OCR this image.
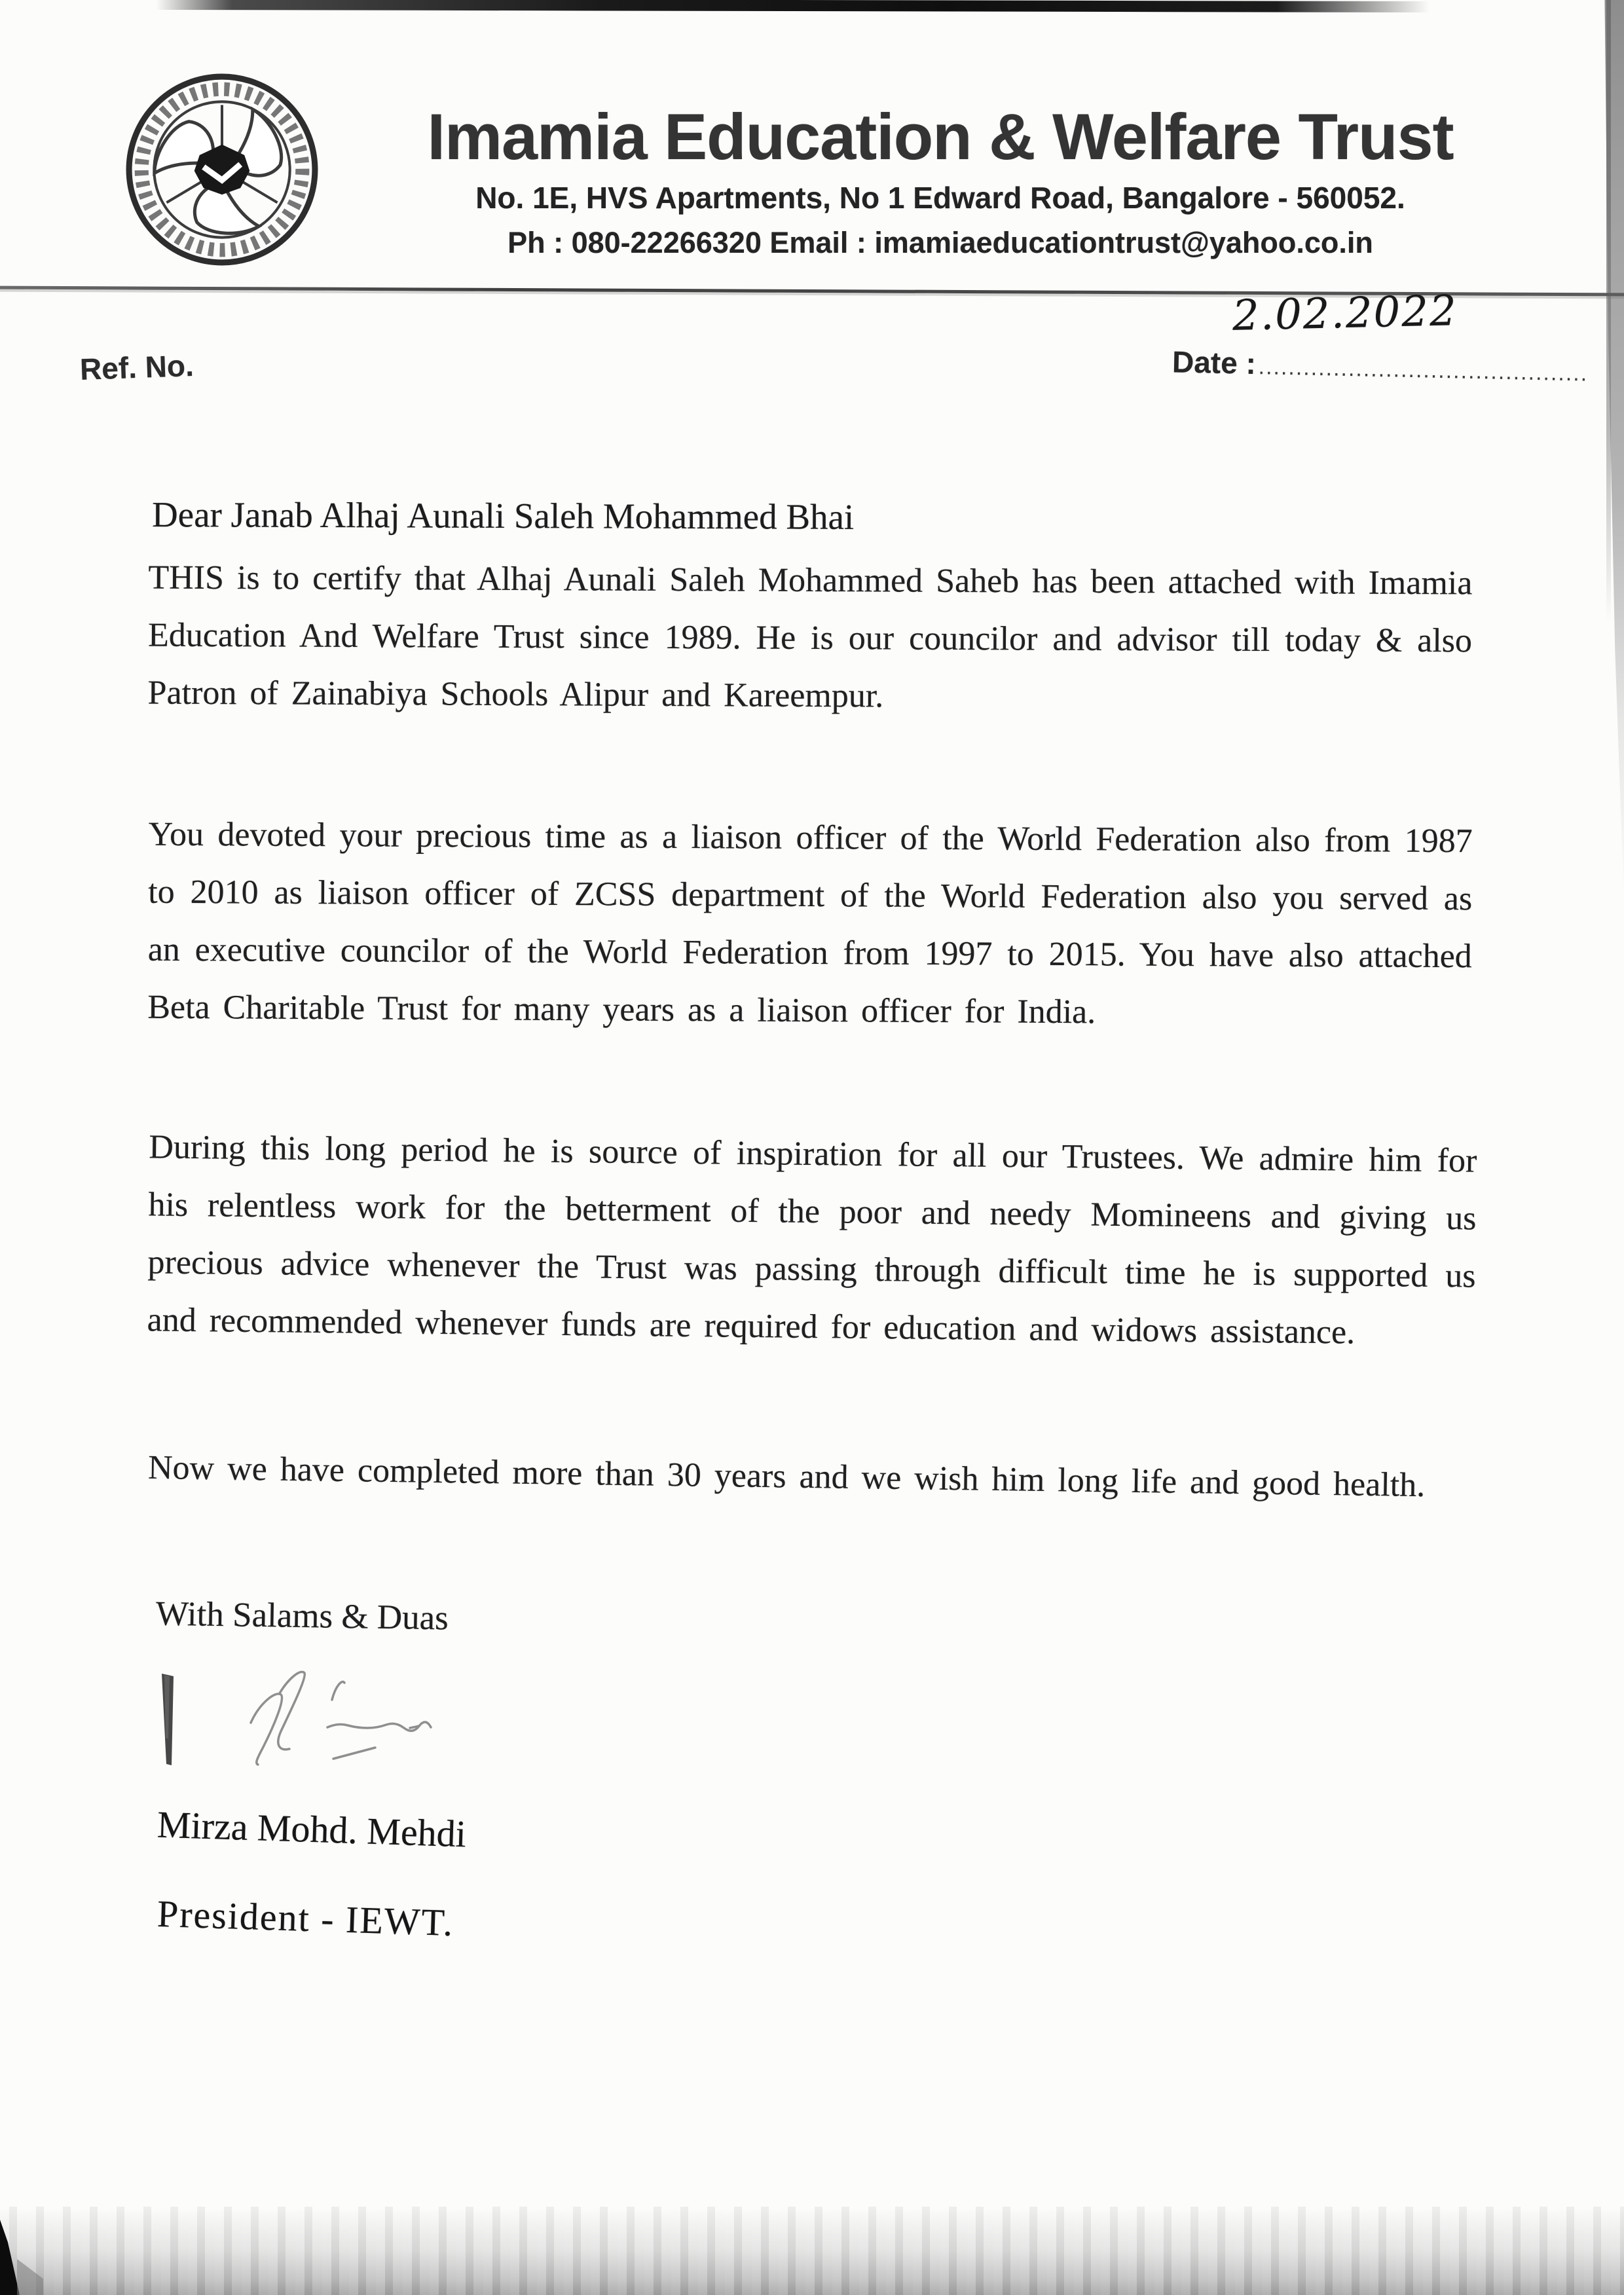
Imamia Education & Welfare Trust
No. 1E, HVS Apartments, No 1 Edward Road, Bangalore - 560052.
Ph : 080-22266320 Email : imamiaeducationtrust@yahoo.co.in
2.02.2022
Ref. No.	Date : ............................................
Dear Janab Alhaj Aunali Saleh Mohammed Bhai
THIS is to certify that Alhaj Aunali Saleh Mohammed Saheb has been attached with Imamia Education And Welfare Trust since 1989. He is our councilor and advisor till today & also Patron of Zainabiya Schools Alipur and Kareempur.
You devoted your precious time as a liaison officer of the World Federation also from 1987 to 2010 as liaison officer of ZCSS department of the World Federation also you served as an executive councilor of the World Federation from 1997 to 2015. You have also attached Beta Charitable Trust for many years as a liaison officer for India.
During this long period he is source of inspiration for all our Trustees. We admire him for his relentless work for the betterment of the poor and needy Momineens and giving us precious advice whenever the Trust was passing through difficult time he is supported us and recommended whenever funds are required for education and widows assistance.
Now we have completed more than 30 years and we wish him long life and good health.
With Salams & Duas
Mirza Mohd. Mehdi
President - IEWT.
